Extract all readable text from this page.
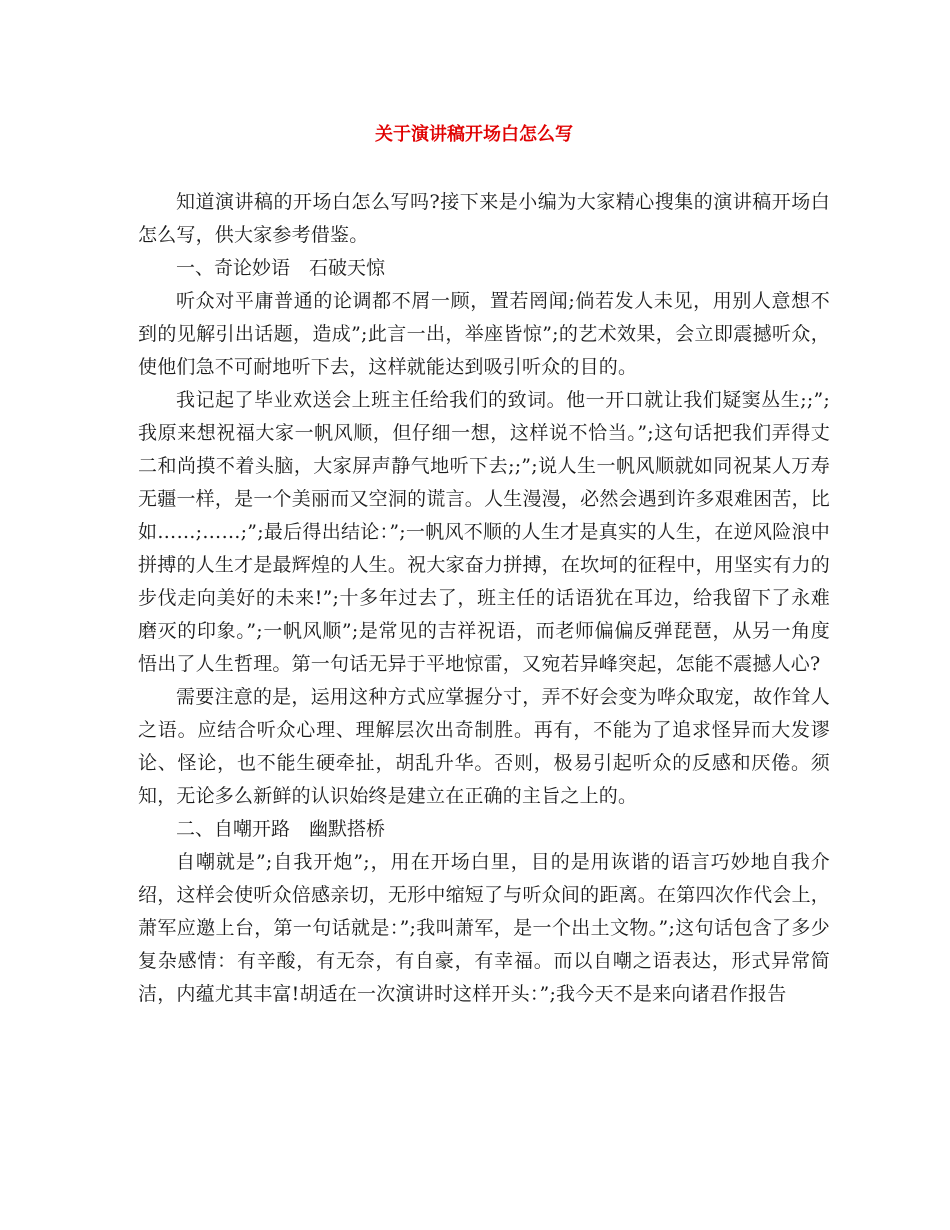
关于演讲稿开场白怎么写

知道演讲稿的开场白怎么写吗?接下来是小编为大家精心搜集的演讲稿开场白怎么写，供大家参考借鉴。

一、奇论妙语　石破天惊

听众对平庸普通的论调都不屑一顾，置若罔闻;倘若发人未见，用别人意想不到的见解引出话题，造成”;此言一出，举座皆惊”;的艺术效果，会立即震撼听众，使他们急不可耐地听下去，这样就能达到吸引听众的目的。

我记起了毕业欢送会上班主任给我们的致词。他一开口就让我们疑窦丛生;;”;我原来想祝福大家一帆风顺，但仔细一想，这样说不恰当。”;这句话把我们弄得丈二和尚摸不着头脑，大家屏声静气地听下去;;”;说人生一帆风顺就如同祝某人万寿无疆一样，是一个美丽而又空洞的谎言。人生漫漫，必然会遇到许多艰难困苦，比如……;……;”;最后得出结论：”;一帆风不顺的人生才是真实的人生，在逆风险浪中拼搏的人生才是最辉煌的人生。祝大家奋力拼搏，在坎坷的征程中，用坚实有力的步伐走向美好的未来!”;十多年过去了，班主任的话语犹在耳边，给我留下了永难磨灭的印象。”;一帆风顺”;是常见的吉祥祝语，而老师偏偏反弹琵琶，从另一角度悟出了人生哲理。第一句话无异于平地惊雷，又宛若异峰突起，怎能不震撼人心?

需要注意的是，运用这种方式应掌握分寸，弄不好会变为哗众取宠，故作耸人之语。应结合听众心理、理解层次出奇制胜。再有，不能为了追求怪异而大发谬论、怪论，也不能生硬牵扯，胡乱升华。否则，极易引起听众的反感和厌倦。须知，无论多么新鲜的认识始终是建立在正确的主旨之上的。

二、自嘲开路　幽默搭桥

自嘲就是”;自我开炮”;，用在开场白里，目的是用诙谐的语言巧妙地自我介绍，这样会使听众倍感亲切，无形中缩短了与听众间的距离。在第四次作代会上，萧军应邀上台，第一句话就是：”;我叫萧军，是一个出土文物。”;这句话包含了多少复杂感情：有辛酸，有无奈，有自豪，有幸福。而以自嘲之语表达，形式异常简洁，内蕴尤其丰富!胡适在一次演讲时这样开头：”;我今天不是来向诸君作报告
